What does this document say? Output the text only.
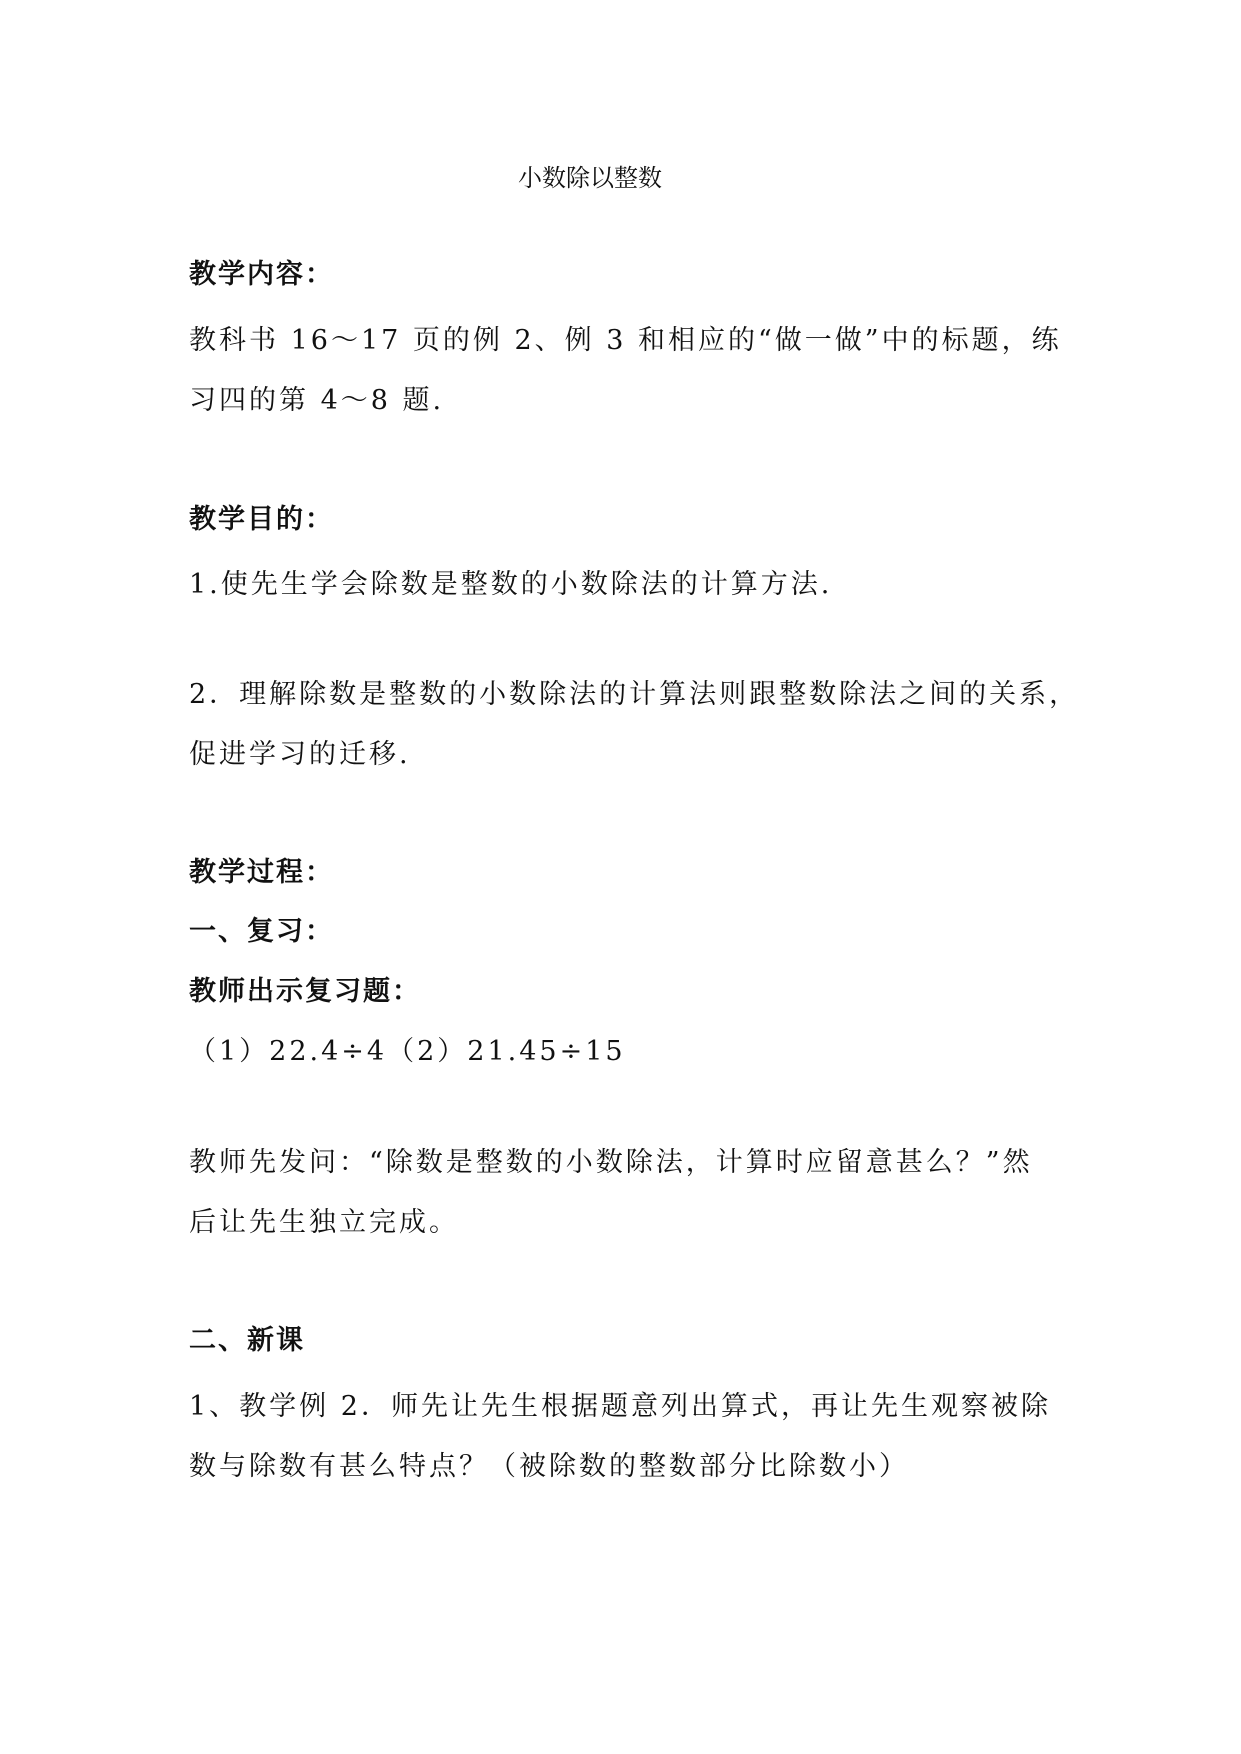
小数除以整数
教学内容：
教科书 16～17 页的例 2、例 3 和相应的“做一做”中的标题，练
习四的第 4～8 题.
教学目的：
1.使先生学会除数是整数的小数除法的计算方法.
2．理解除数是整数的小数除法的计算法则跟整数除法之间的关系，
促进学习的迁移.
教学过程：
一、复习：
教师出示复习题：
（1）22.4÷4（2）21.45÷15
教师先发问：“除数是整数的小数除法，计算时应留意甚么？”然
后让先生独立完成。
二、新课
1、教学例 2．师先让先生根据题意列出算式，再让先生观察被除
数与除数有甚么特点？（被除数的整数部分比除数小）
